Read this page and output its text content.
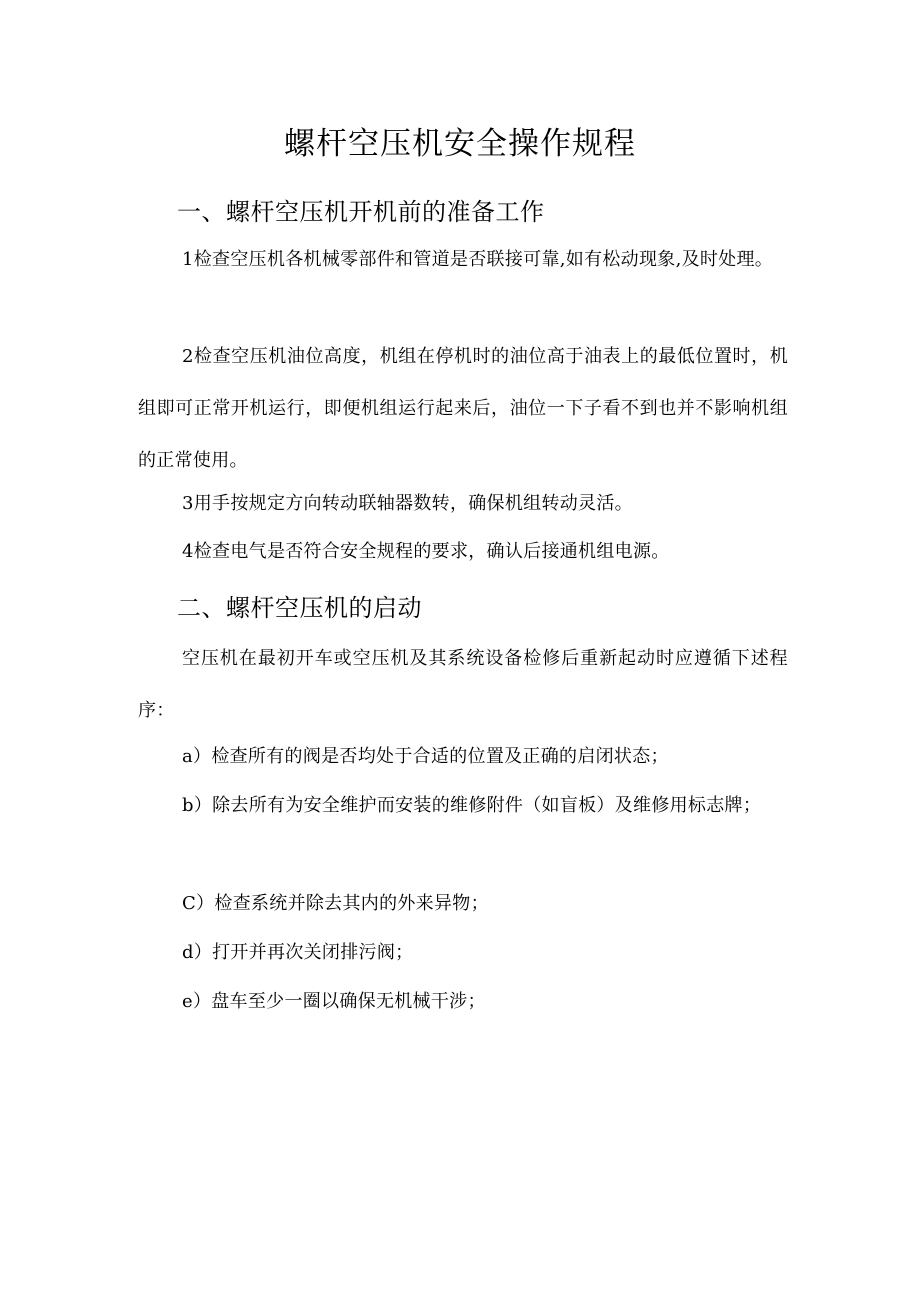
螺杆空压机安全操作规程
一、螺杆空压机开机前的准备工作
1检查空压机各机械零部件和管道是否联接可靠,如有松动现象,及时处理。
2检查空压机油位高度，机组在停机时的油位高于油表上的最低位置时，机组即可正常开机运行，即便机组运行起来后，油位一下子看不到也并不影响机组的正常使用。
3用手按规定方向转动联轴器数转，确保机组转动灵活。
4检查电气是否符合安全规程的要求，确认后接通机组电源。
二、螺杆空压机的启动
空压机在最初开车或空压机及其系统设备检修后重新起动时应遵循下述程序：
a）检查所有的阀是否均处于合适的位置及正确的启闭状态；
b）除去所有为安全维护而安装的维修附件（如盲板）及维修用标志牌；
C）检查系统并除去其内的外来异物；
d）打开并再次关闭排污阀；
e）盘车至少一圈以确保无机械干涉；
